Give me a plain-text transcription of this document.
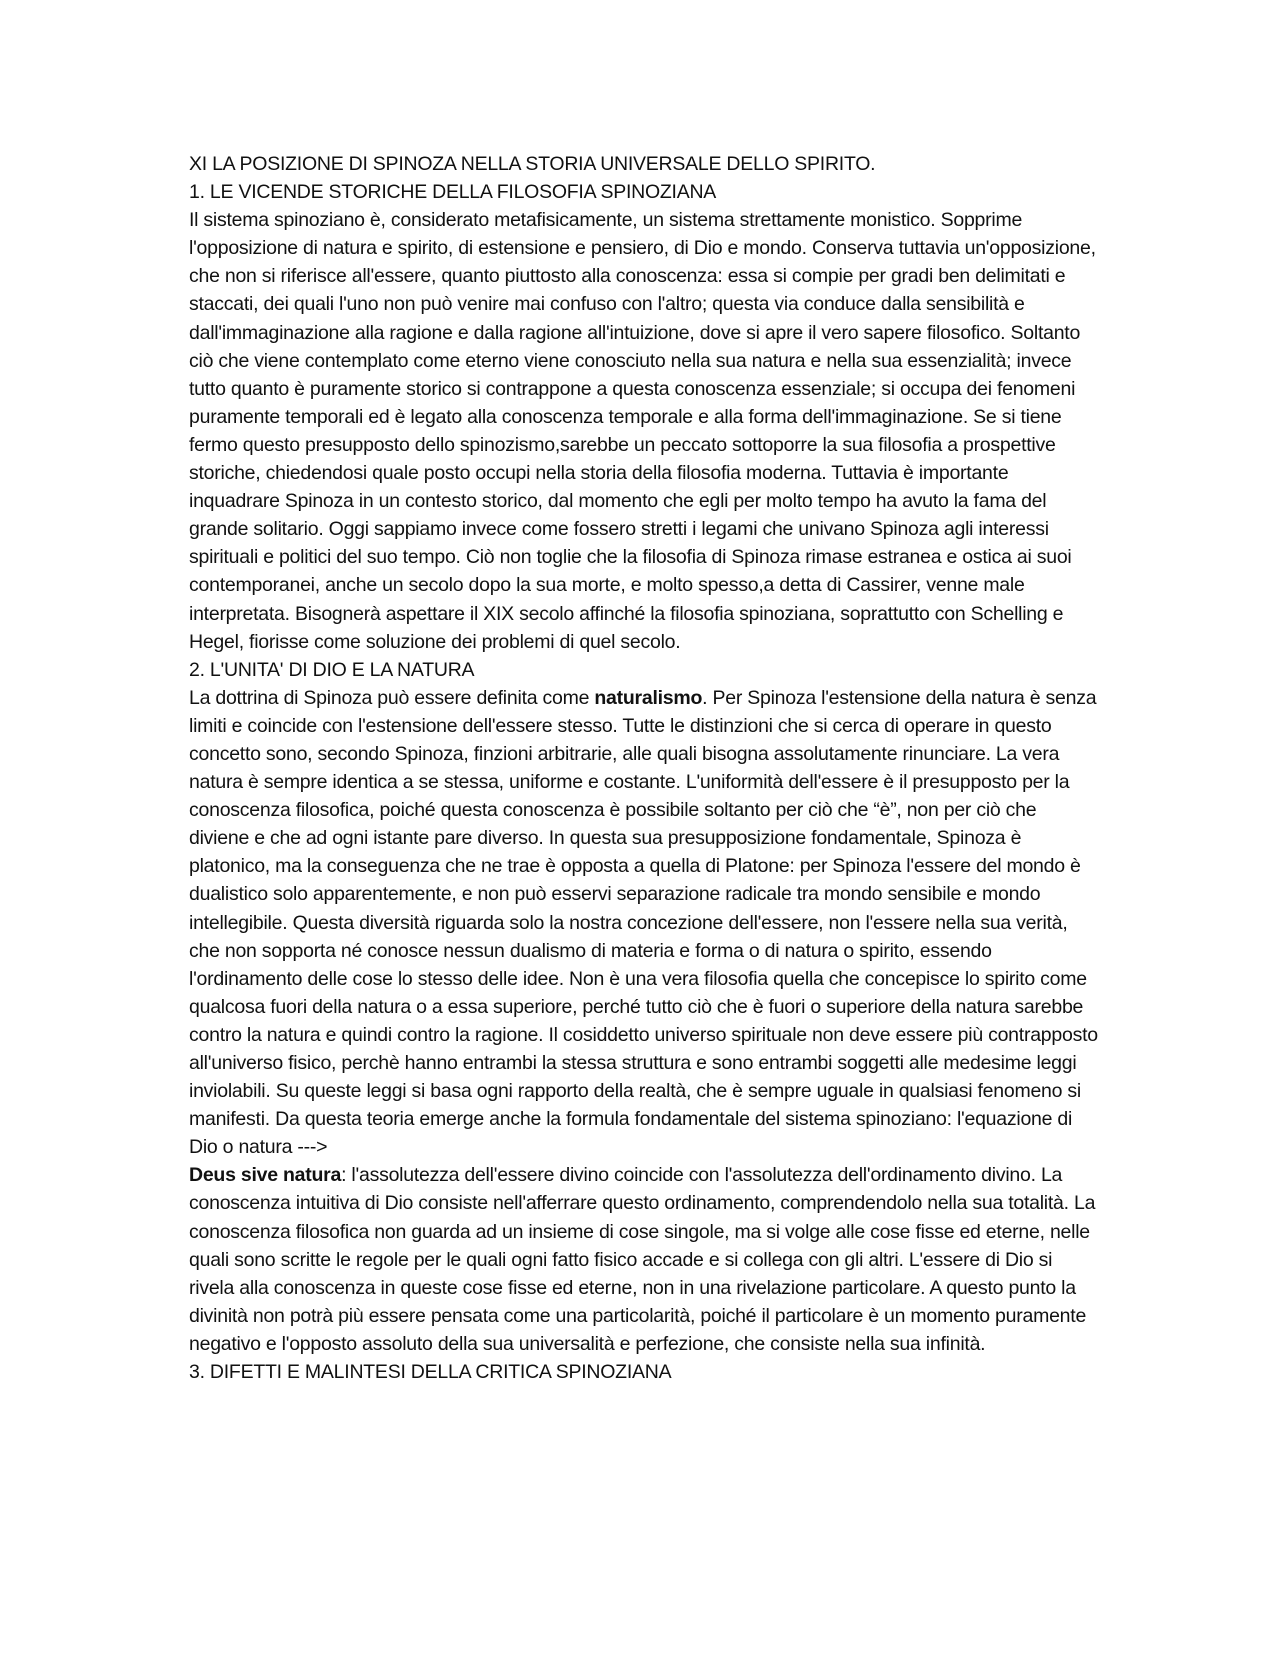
XI LA POSIZIONE DI SPINOZA NELLA STORIA UNIVERSALE DELLO SPIRITO.
1. LE VICENDE STORICHE DELLA FILOSOFIA SPINOZIANA

Il sistema spinoziano è, considerato metafisicamente, un sistema strettamente monistico. Sopprime l'opposizione di natura e spirito, di estensione e pensiero, di Dio e mondo. Conserva tuttavia un'opposizione, che non si riferisce all'essere, quanto piuttosto alla conoscenza: essa si compie per gradi ben delimitati e staccati, dei quali l'uno non può venire mai confuso con l'altro; questa via conduce dalla sensibilità e dall'immaginazione alla ragione e dalla ragione all'intuizione, dove si apre il vero sapere filosofico. Soltanto ciò che viene contemplato come eterno viene conosciuto nella sua natura e nella sua essenzialità; invece tutto quanto è puramente storico si contrappone a questa conoscenza essenziale; si occupa dei fenomeni puramente temporali ed è legato alla conoscenza temporale e alla forma dell'immaginazione. Se si tiene fermo questo presupposto dello spinozismo,sarebbe un peccato sottoporre la sua filosofia a prospettive storiche, chiedendosi quale posto occupi nella storia della filosofia moderna. Tuttavia è importante inquadrare Spinoza in un contesto storico, dal momento che egli per molto tempo ha avuto la fama del grande solitario. Oggi sappiamo invece come fossero stretti i legami che univano Spinoza agli interessi spirituali e politici del suo tempo. Ciò non toglie che la filosofia di Spinoza rimase estranea e ostica ai suoi contemporanei, anche un secolo dopo la sua morte, e molto spesso,a detta di Cassirer, venne male interpretata. Bisognerà aspettare il XIX secolo affinché la filosofia spinoziana, soprattutto con Schelling e Hegel, fiorisse come soluzione dei problemi di quel secolo.

2. L'UNITA' DI DIO E LA NATURA

La dottrina di Spinoza può essere definita come naturalismo. Per Spinoza l'estensione della natura è senza limiti e coincide con l'estensione dell'essere stesso. Tutte le distinzioni che si cerca di operare in questo concetto sono, secondo Spinoza, finzioni arbitrarie, alle quali bisogna assolutamente rinunciare. La vera natura è sempre identica a se stessa, uniforme e costante. L'uniformità dell'essere è il presupposto per la conoscenza filosofica, poiché questa conoscenza è possibile soltanto per ciò che “è”, non per ciò che diviene e che ad ogni istante pare diverso. In questa sua presupposizione fondamentale, Spinoza è platonico, ma la conseguenza che ne trae è opposta a quella di Platone: per Spinoza l'essere del mondo è dualistico solo apparentemente, e non può esservi separazione radicale tra mondo sensibile e mondo intellegibile. Questa diversità riguarda solo la nostra concezione dell'essere, non l'essere nella sua verità, che non sopporta né conosce nessun dualismo di materia e forma o di natura o spirito, essendo l'ordinamento delle cose lo stesso delle idee. Non è una vera filosofia quella che concepisce lo spirito come qualcosa fuori della natura o a essa superiore, perché tutto ciò che è fuori o superiore della natura sarebbe contro la natura e quindi contro la ragione. Il cosiddetto universo spirituale non deve essere più contrapposto all'universo fisico, perchè hanno entrambi la stessa struttura e sono entrambi soggetti alle medesime leggi inviolabili. Su queste leggi si basa ogni rapporto della realtà, che è sempre uguale in qualsiasi fenomeno si manifesti. Da questa teoria emerge anche la formula fondamentale del sistema spinoziano: l'equazione di Dio o natura --->
Deus sive natura: l'assolutezza dell'essere divino coincide con l'assolutezza dell'ordinamento divino. La conoscenza intuitiva di Dio consiste nell'afferrare questo ordinamento, comprendendolo nella sua totalità. La conoscenza filosofica non guarda ad un insieme di cose singole, ma si volge alle cose fisse ed eterne, nelle quali sono scritte le regole per le quali ogni fatto fisico accade e si collega con gli altri. L'essere di Dio si rivela alla conoscenza in queste cose fisse ed eterne, non in una rivelazione particolare. A questo punto la divinità non potrà più essere pensata come una particolarità, poiché il particolare è un momento puramente negativo e l'opposto assoluto della sua universalità e perfezione, che consiste nella sua infinità.

3. DIFETTI E MALINTESI DELLA CRITICA SPINOZIANA
